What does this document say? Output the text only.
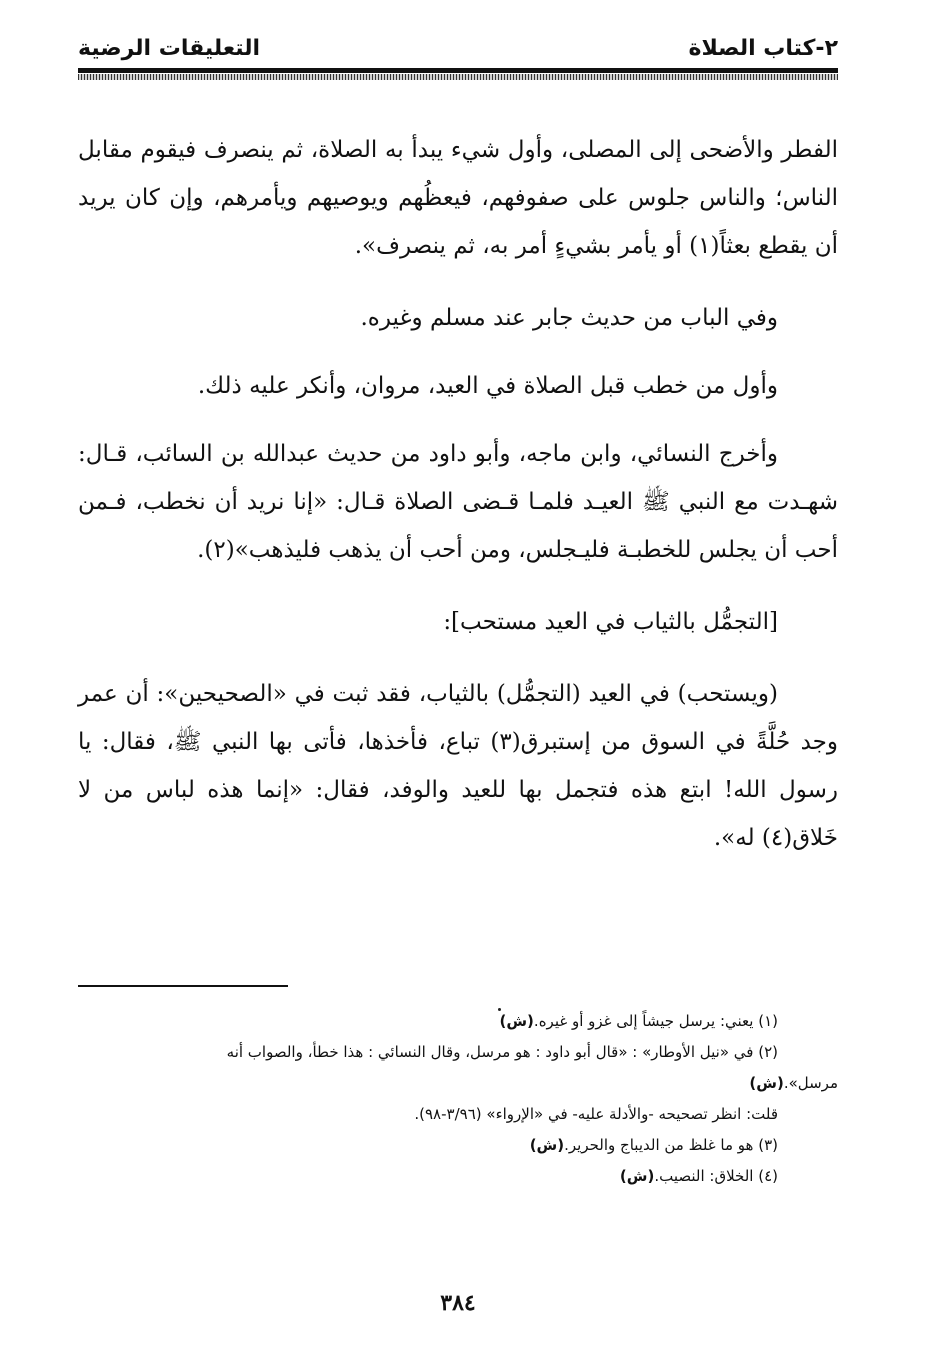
٢-كتاب الصلاة
التعليقات الرضية

الفطر والأضحى إلى المصلى، وأول شيء يبدأ به الصلاة، ثم ينصرف فيقوم مقابل الناس؛ والناس جلوس على صفوفهم، فيعظُهم ويوصيهم ويأمرهم، وإن كان يريد أن يقطع بعثاً(١) أو يأمر بشيءٍ أمر به، ثم ينصرف».

وفي الباب من حديث جابر عند مسلم وغيره.

وأول من خطب قبل الصلاة في العيد، مروان، وأنكر عليه ذلك.

وأخرج النسائي، وابن ماجه، وأبو داود من حديث عبدالله بن السائب، قـال: شهـدت مع النبي ﷺ العيـد فلمـا قـضى الصلاة قـال: «إنا نريد أن نخطب، فـمن أحب أن يجلس للخطبـة فليـجلس، ومن أحب أن يذهب فليذهب»(٢).

[التجمُّل بالثياب في العيد مستحب]:

(ويستحب) في العيد (التجمُّل) بالثياب، فقد ثبت في «الصحيحين»: أن عمر وجد حُلَّةً في السوق من إستبرق(٣) تباع، فأخذها، فأتى بها النبي ﷺ، فقال: يا رسول الله! ابتع هذه فتجمل بها للعيد والوفد، فقال: «إنما هذه لباس من لا خَلاق(٤) له».

(١) يعني: يرسل جيشاً إلى غزو أو غيره.(ش)

(٢) في «نيل الأوطار» : «قال أبو داود : هو مرسل، وقال النسائي : هذا خطأ، والصواب أنه
مرسل».(ش)

قلت: انظر تصحيحه -والأدلة عليه- في «الإرواء» (٣/٩٦-٩٨).

(٣) هو ما غلظ من الديباج والحرير.(ش)

(٤) الخلاق: النصيب.(ش)

٣٨٤
